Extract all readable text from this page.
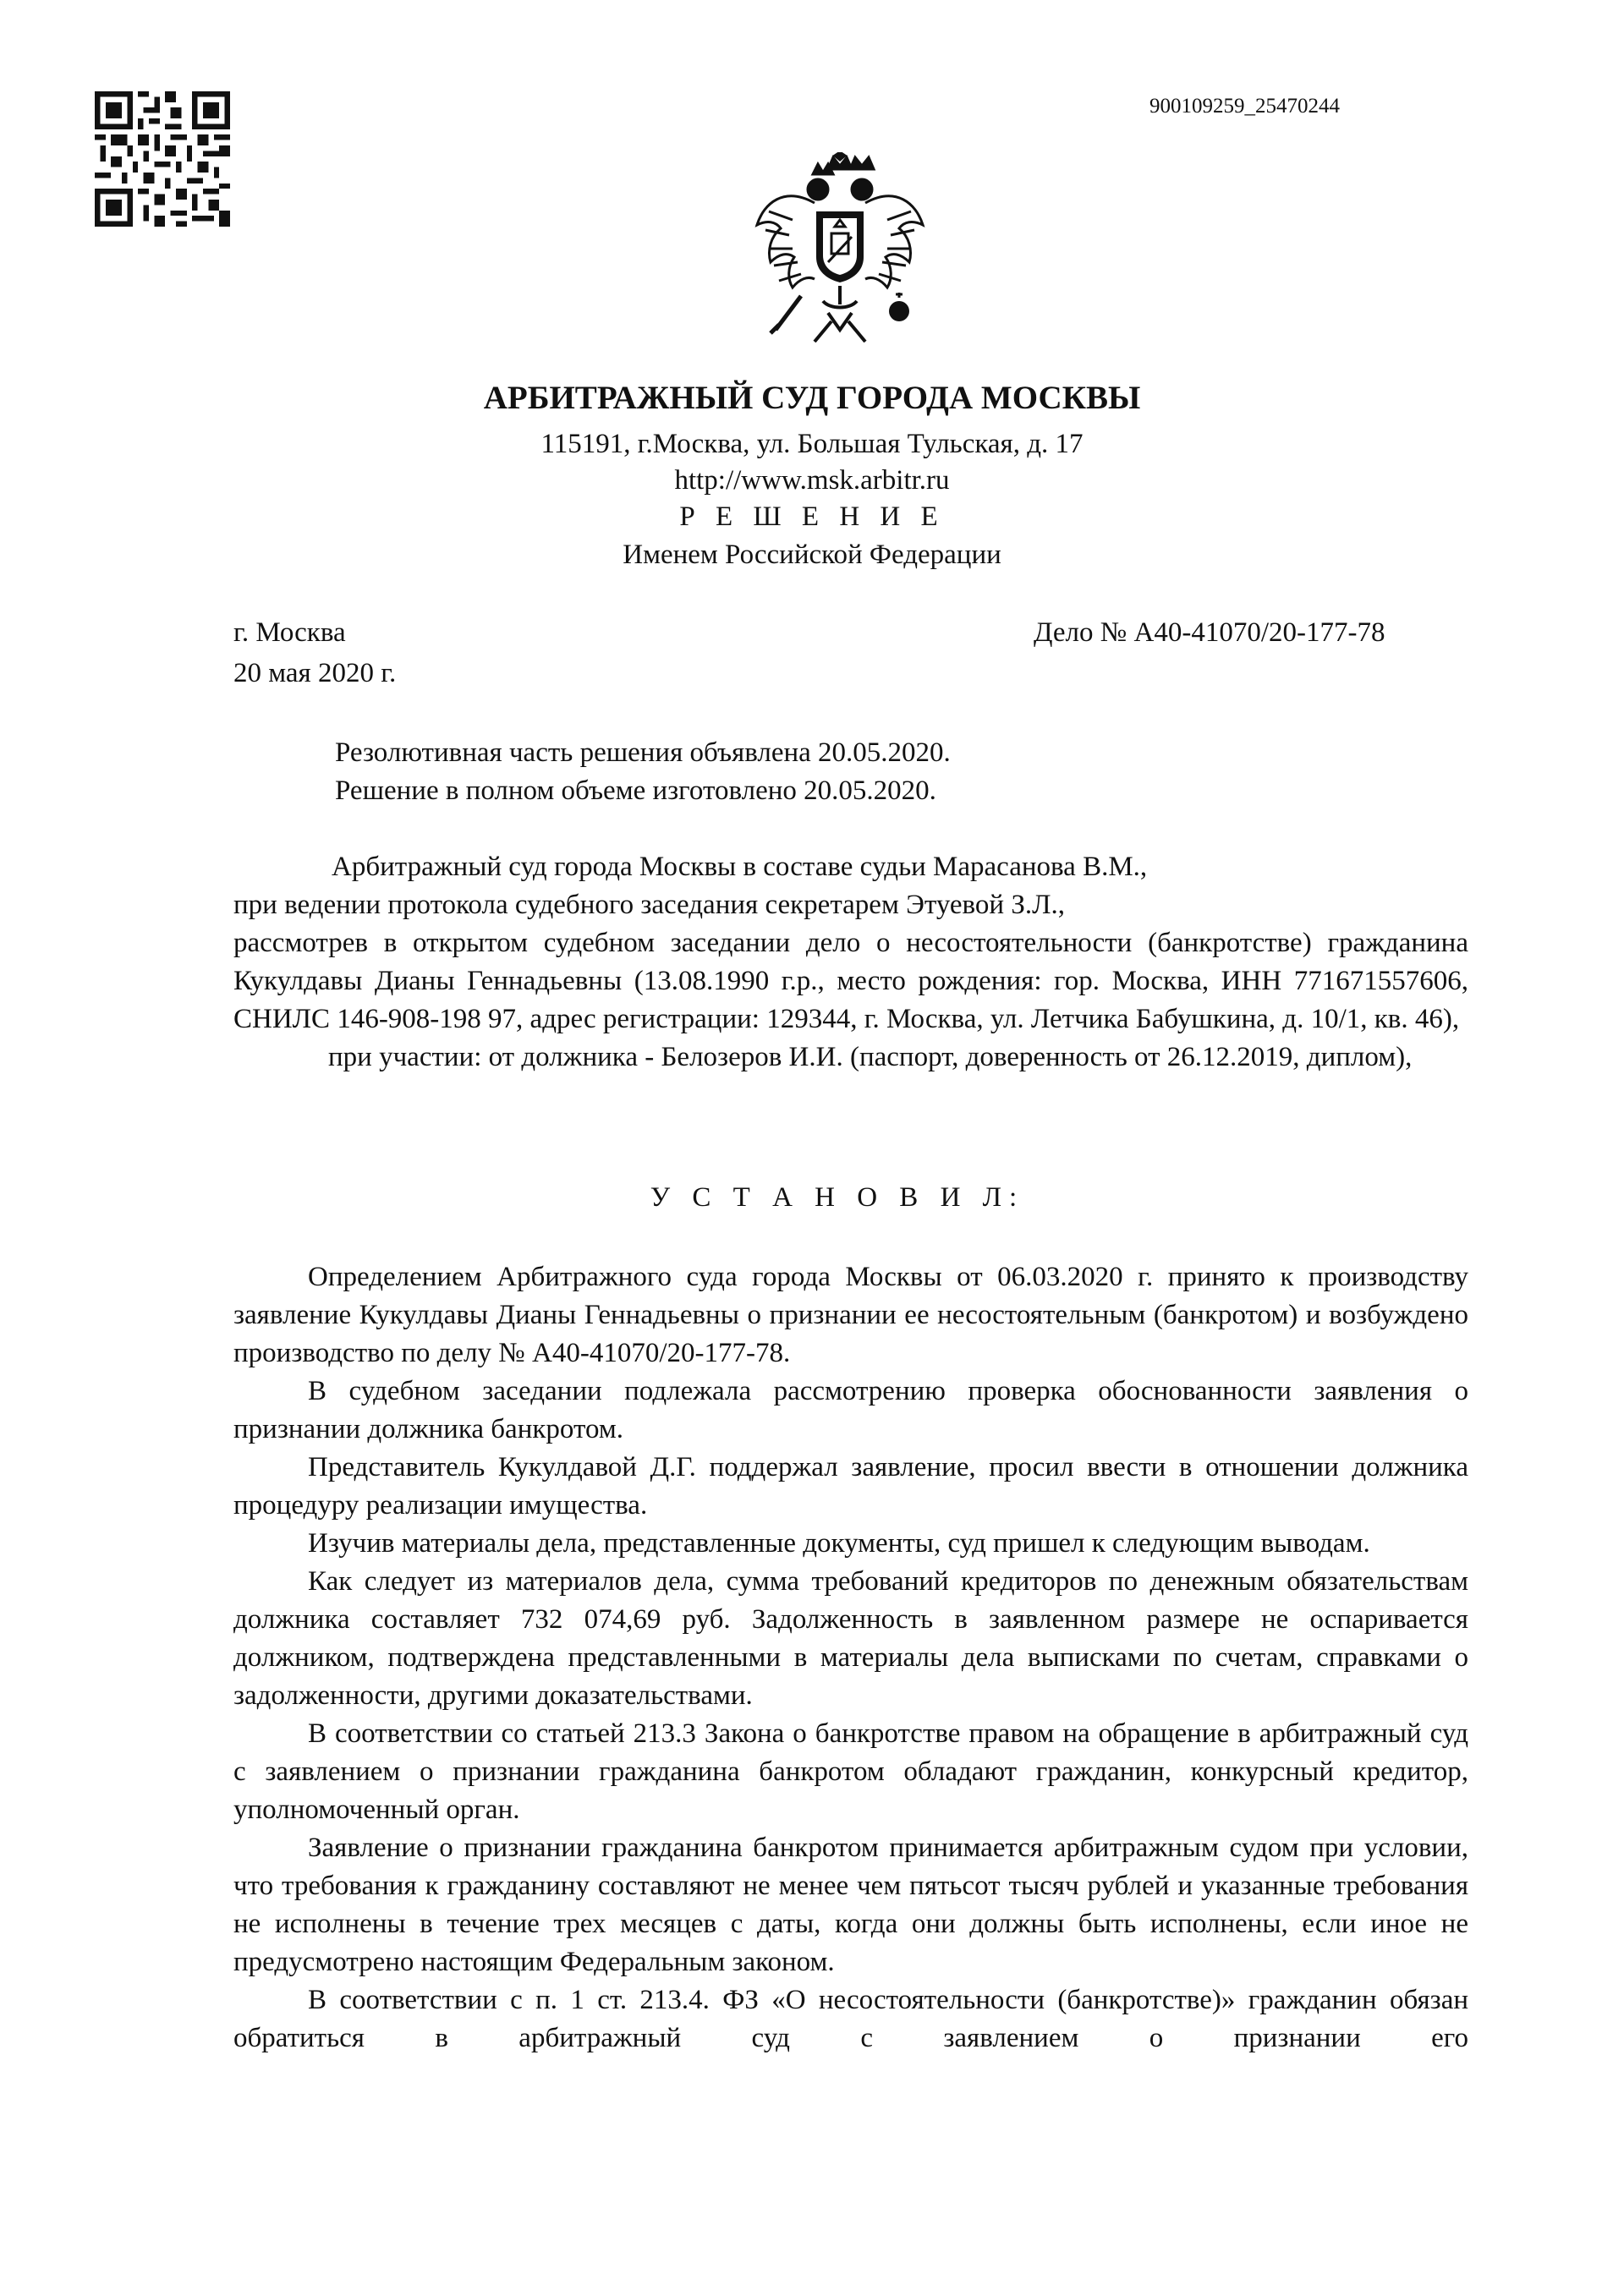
900109259_25470244
АРБИТРАЖНЫЙ СУД ГОРОДА МОСКВЫ
115191, г.Москва, ул. Большая Тульская, д. 17
http://www.msk.arbitr.ru
Р Е Ш Е Н И Е
Именем Российской Федерации
г. Москва	Дело № А40-41070/20-177-78
20 мая 2020 г.
Резолютивная часть решения объявлена 20.05.2020.
Решение в полном объеме изготовлено 20.05.2020.
Арбитражный суд города Москвы в составе судьи Марасанова В.М.,
при ведении протокола судебного заседания секретарем Этуевой З.Л.,

рассмотрев в открытом судебном заседании дело о несостоятельности (банкротстве) гражданина Кукулдавы Дианы Геннадьевны (13.08.1990 г.р., место рождения: гор. Москва, ИНН 771671557606, СНИЛС 146-908-198 97, адрес регистрации: 129344, г. Москва, ул. Летчика Бабушкина, д. 10/1, кв. 46),

при участии: от должника - Белозеров И.И. (паспорт, доверенность от 26.12.2019, диплом),

У С Т А Н О В И Л:

Определением Арбитражного суда города Москвы от 06.03.2020 г. принято к производству заявление Кукулдавы Дианы Геннадьевны о признании ее несостоятельным (банкротом) и возбуждено производство по делу № А40-41070/20-177-78.

В судебном заседании подлежала рассмотрению проверка обоснованности заявления о признании должника банкротом.

Представитель Кукулдавой Д.Г. поддержал заявление, просил ввести в отношении должника процедуру реализации имущества.

Изучив материалы дела, представленные документы, суд пришел к следующим выводам.

Как следует из материалов дела, сумма требований кредиторов по денежным обязательствам должника составляет 732 074,69 руб. Задолженность в заявленном размере не оспаривается должником, подтверждена представленными в материалы дела выписками по счетам, справками о задолженности, другими доказательствами.

В соответствии со статьей 213.3 Закона о банкротстве правом на обращение в арбитражный суд с заявлением о признании гражданина банкротом обладают гражданин, конкурсный кредитор, уполномоченный орган.

Заявление о признании гражданина банкротом принимается арбитражным судом при условии, что требования к гражданину составляют не менее чем пятьсот тысяч рублей и указанные требования не исполнены в течение трех месяцев с даты, когда они должны быть исполнены, если иное не предусмотрено настоящим Федеральным законом.

В соответствии с п. 1 ст. 213.4. ФЗ «О несостоятельности (банкротстве)» гражданин обязан обратиться в арбитражный суд с заявлением о признании его
